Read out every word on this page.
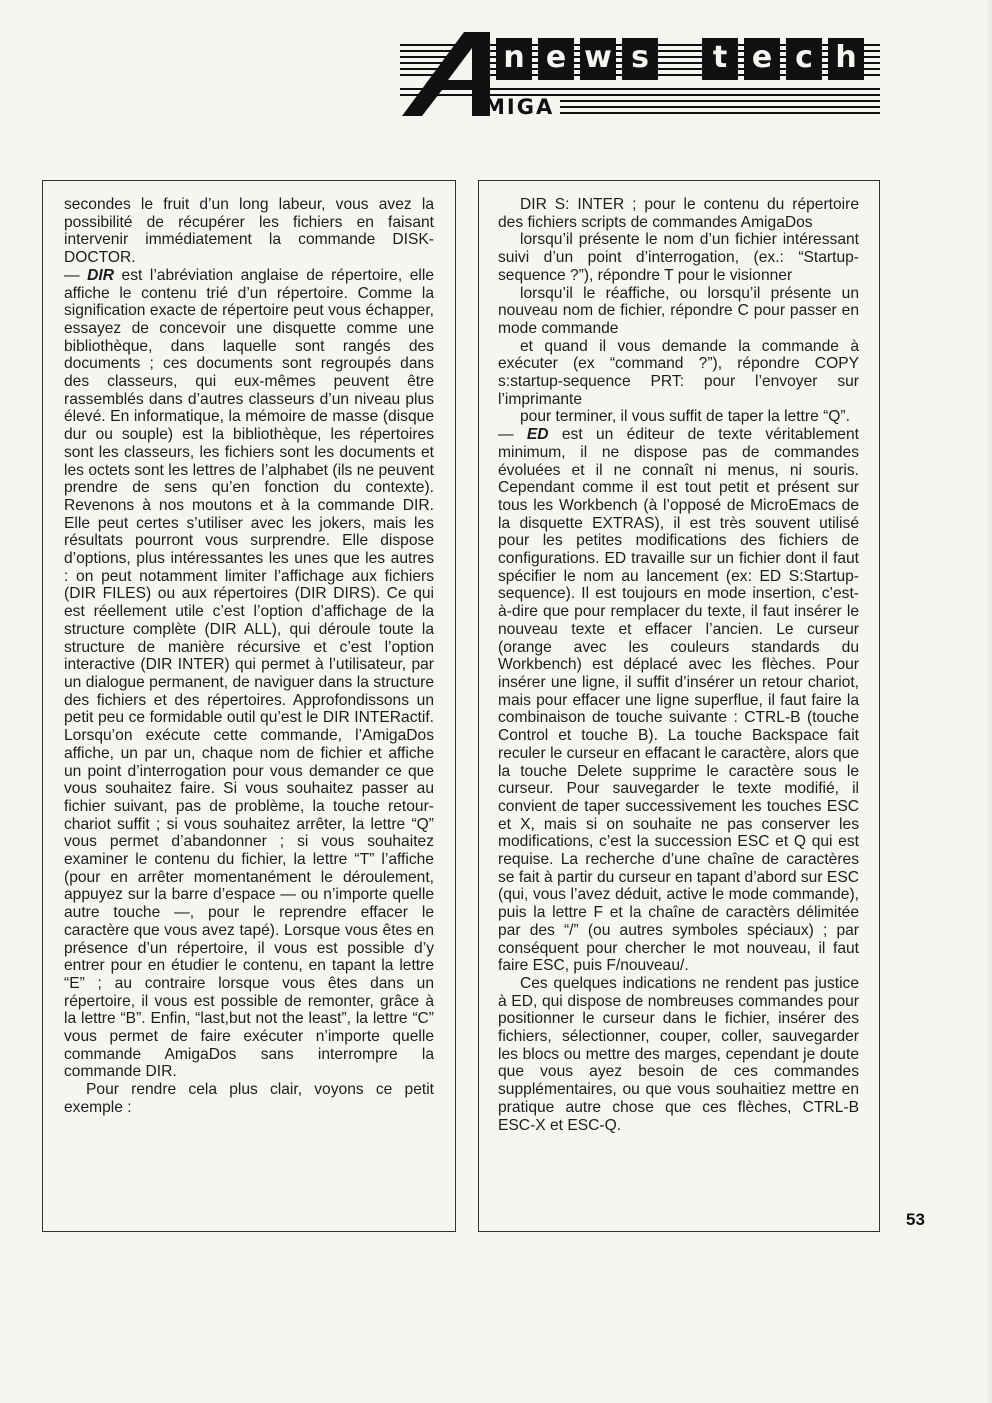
n e w s	t e c h
MIGA

secondes le fruit d’un long labeur, vous avez la possibilité de récupérer les fichiers en faisant intervenir immédiatement la commande DISK-DOCTOR.

— DIR est l’abréviation anglaise de répertoire, elle affiche le contenu trié d’un répertoire. Comme la signification exacte de répertoire peut vous échapper, essayez de concevoir une disquette comme une bibliothèque, dans laquelle sont rangés des documents ; ces documents sont regroupés dans des classeurs, qui eux-mêmes peuvent être rassemblés dans d’autres classeurs d’un niveau plus élevé. En informatique, la mémoire de masse (disque dur ou souple) est la bibliothèque, les répertoires sont les classeurs, les fichiers sont les documents et les octets sont les lettres de l’alphabet (ils ne peuvent prendre de sens qu’en fonction du contexte). Revenons à nos moutons et à la commande DIR. Elle peut certes s’utiliser avec les jokers, mais les résultats pourront vous surprendre. Elle dispose d’options, plus intéressantes les unes que les autres : on peut notamment limiter l’affichage aux fichiers (DIR FILES) ou aux répertoires (DIR DIRS). Ce qui est réellement utile c’est l’option d’affichage de la structure complète (DIR ALL), qui déroule toute la structure de manière récursive et c’est l’option interactive (DIR INTER) qui permet à l’utilisateur, par un dialogue permanent, de naviguer dans la structure des fichiers et des répertoires. Approfondissons un petit peu ce formidable outil qu’est le DIR INTERactif. Lorsqu’on exécute cette commande, l’AmigaDos affiche, un par un, chaque nom de fichier et affiche un point d’interrogation pour vous demander ce que vous souhaitez faire. Si vous souhaitez passer au fichier suivant, pas de problème, la touche retour-chariot suffit ; si vous souhaitez arrêter, la lettre “Q” vous permet d’abandonner ; si vous souhaitez examiner le contenu du fichier, la lettre “T” l’affiche (pour en arrêter momentanément le déroulement, appuyez sur la barre d’espace — ou n’importe quelle autre touche —, pour le reprendre effacer le caractère que vous avez tapé). Lorsque vous êtes en présence d’un répertoire, il vous est possible d’y entrer pour en étudier le contenu, en tapant la lettre “E” ; au contraire lorsque vous êtes dans un répertoire, il vous est possible de remonter, grâce à la lettre “B”. Enfin, “last,but not the least”, la lettre “C” vous permet de faire exécuter n’importe quelle commande AmigaDos sans interrompre la commande DIR.

Pour rendre cela plus clair, voyons ce petit exemple :

DIR S: INTER ; pour le contenu du répertoire des fichiers scripts de commandes AmigaDos

lorsqu’il présente le nom d’un fichier intéressant suivi d’un point d’interrogation, (ex.: “Startup-sequence ?”), répondre T pour le visionner

lorsqu’il le réaffiche, ou lorsqu’il présente un nouveau nom de fichier, répondre C pour passer en mode commande

et quand il vous demande la commande à exécuter (ex “command ?”), répondre COPY s:startup-sequence PRT: pour l’envoyer sur l’imprimante

pour terminer, il vous suffit de taper la lettre “Q”.

— ED est un éditeur de texte véritablement minimum, il ne dispose pas de commandes évoluées et il ne connaît ni menus, ni souris. Cependant comme il est tout petit et présent sur tous les Workbench (à l’opposé de MicroEmacs de la disquette EXTRAS), il est très souvent utilisé pour les petites modifications des fichiers de configurations. ED travaille sur un fichier dont il faut spécifier le nom au lancement (ex: ED S:Startup-sequence). Il est toujours en mode insertion, c’est-à-dire que pour remplacer du texte, il faut insérer le nouveau texte et effacer l’ancien. Le curseur (orange avec les couleurs standards du Workbench) est déplacé avec les flèches. Pour insérer une ligne, il suffit d’insérer un retour chariot, mais pour effacer une ligne superflue, il faut faire la combinaison de touche suivante : CTRL-B (touche Control et touche B). La touche Backspace fait reculer le curseur en effacant le caractère, alors que la touche Delete supprime le caractère sous le curseur. Pour sauvegarder le texte modifié, il convient de taper successivement les touches ESC et X, mais si on souhaite ne pas conserver les modifications, c’est la succession ESC et Q qui est requise. La recherche d’une chaîne de caractères se fait à partir du curseur en tapant d’abord sur ESC (qui, vous l’avez déduit, active le mode commande), puis la lettre F et la chaîne de caractèrs délimitée par des “/” (ou autres symboles spéciaux) ; par conséquent pour chercher le mot nouveau, il faut faire ESC, puis F/nouveau/.

Ces quelques indications ne rendent pas justice à ED, qui dispose de nombreuses commandes pour positionner le curseur dans le fichier, insérer des fichiers, sélectionner, couper, coller, sauvegarder les blocs ou mettre des marges, cependant je doute que vous ayez besoin de ces commandes supplémentaires, ou que vous souhaitiez mettre en pratique autre chose que ces flèches, CTRL-B ESC-X et ESC-Q.

53
